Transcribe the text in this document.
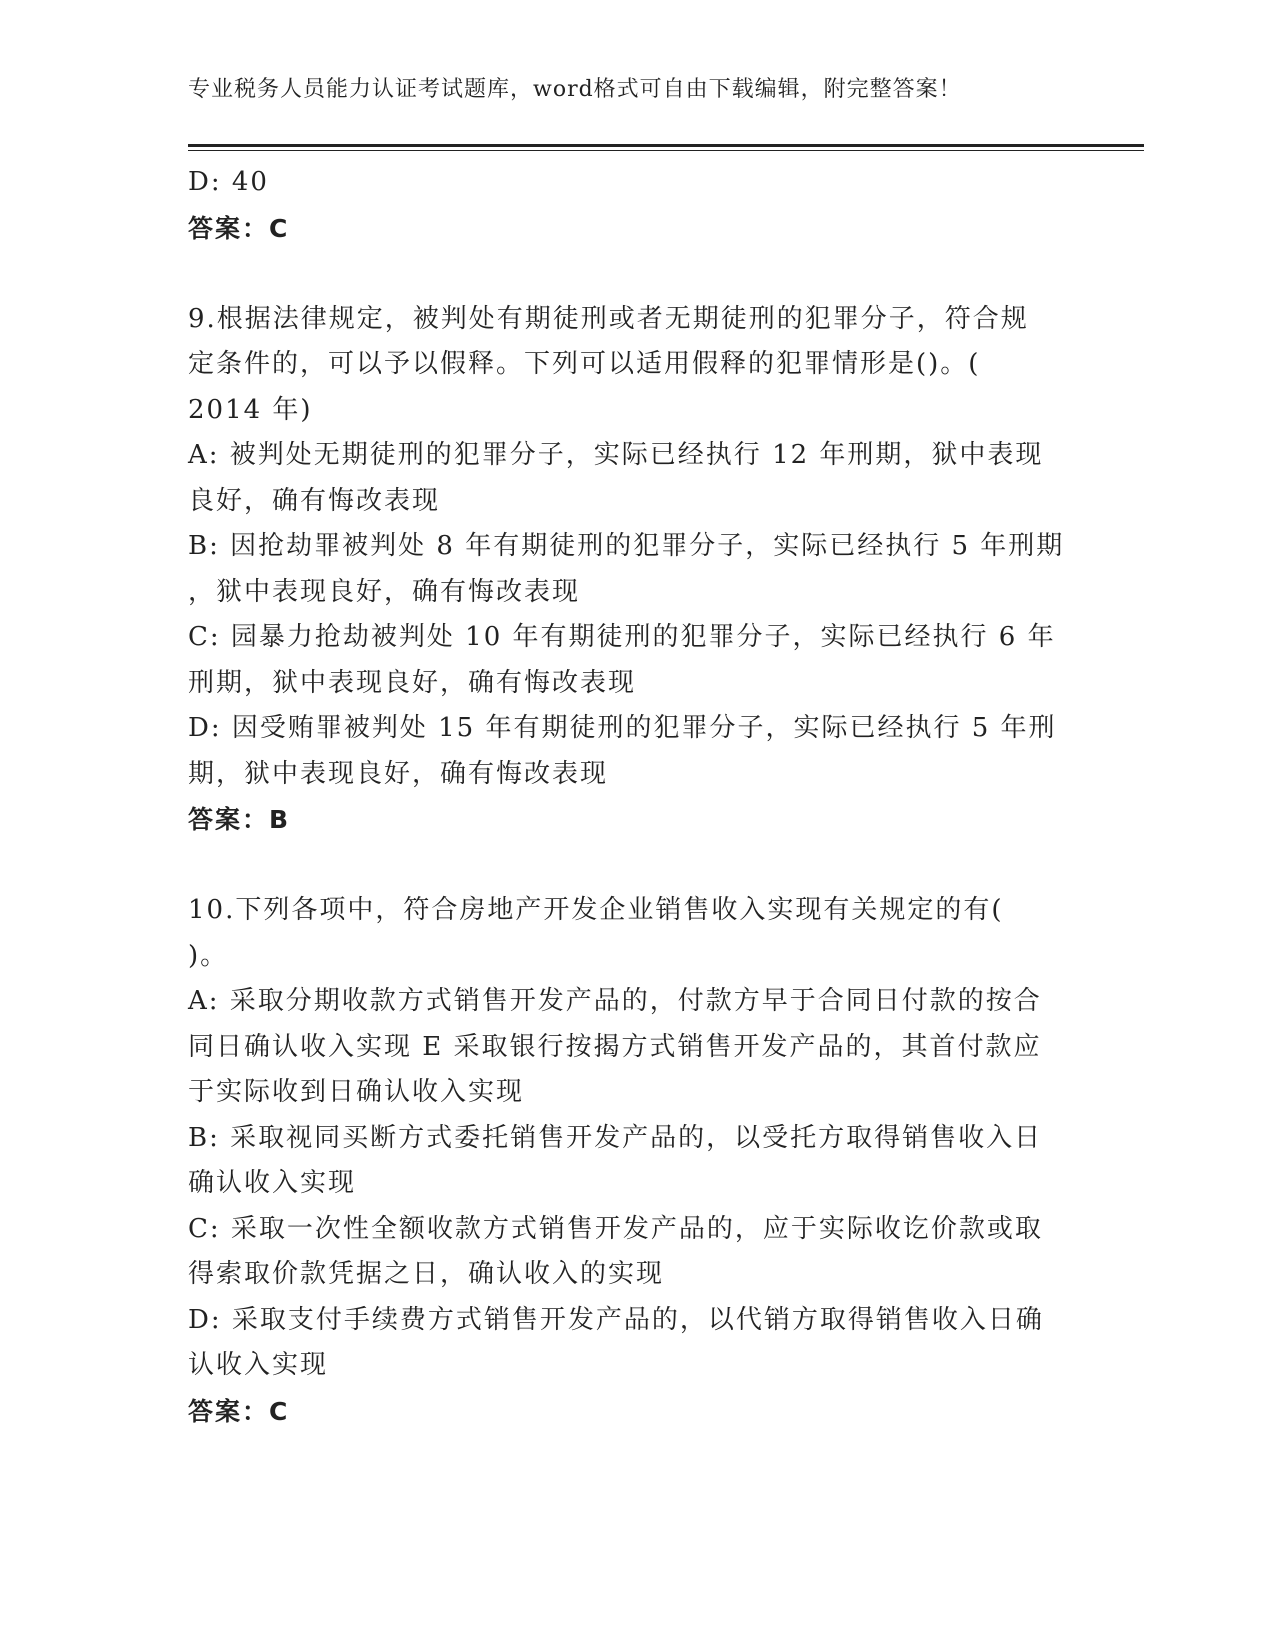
专业税务人员能力认证考试题库，word格式可自由下载编辑，附完整答案！
D: 40
答案：C
9.根据法律规定，被判处有期徒刑或者无期徒刑的犯罪分子，符合规
定条件的，可以予以假释。下列可以适用假释的犯罪情形是()。(
2014 年)
A: 被判处无期徒刑的犯罪分子，实际已经执行 12 年刑期，狱中表现
良好，确有悔改表现
B: 因抢劫罪被判处 8 年有期徒刑的犯罪分子，实际已经执行 5 年刑期
，狱中表现良好，确有悔改表现
C: 园暴力抢劫被判处 10 年有期徒刑的犯罪分子，实际已经执行 6 年
刑期，狱中表现良好，确有悔改表现
D: 因受贿罪被判处 15 年有期徒刑的犯罪分子，实际已经执行 5 年刑
期，狱中表现良好，确有悔改表现
答案：B
10.下列各项中，符合房地产开发企业销售收入实现有关规定的有(
)。
A: 采取分期收款方式销售开发产品的，付款方早于合同日付款的按合
同日确认收入实现 E 采取银行按揭方式销售开发产品的，其首付款应
于实际收到日确认收入实现
B: 采取视同买断方式委托销售开发产品的，以受托方取得销售收入日
确认收入实现
C: 采取一次性全额收款方式销售开发产品的，应于实际收讫价款或取
得索取价款凭据之日，确认收入的实现
D: 采取支付手续费方式销售开发产品的，以代销方取得销售收入日确
认收入实现
答案：C
